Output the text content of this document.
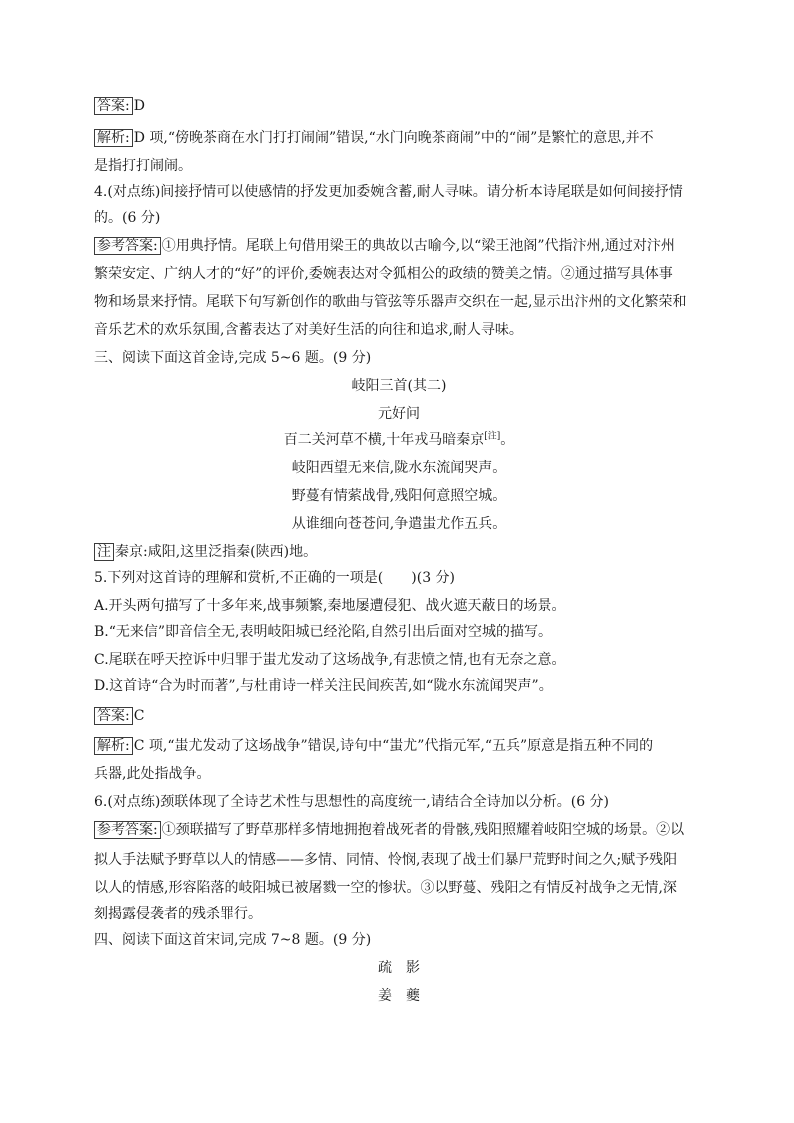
答案: D
解析: D 项,“傍晚茶商在水门打打闹闹”错误,“水门向晚茶商闹”中的“闹”是繁忙的意思,并不
是指打打闹闹。
4.(对点练)间接抒情可以使感情的抒发更加委婉含蓄,耐人寻味。请分析本诗尾联是如何间接抒情
的。(6 分)
参考答案: ①用典抒情。尾联上句借用梁王的典故以古喻今,以“梁王池阁”代指汴州,通过对汴州
繁荣安定、广纳人才的“好”的评价,委婉表达对令狐相公的政绩的赞美之情。②通过描写具体事
物和场景来抒情。尾联下句写新创作的歌曲与管弦等乐器声交织在一起,显示出汴州的文化繁荣和
音乐艺术的欢乐氛围,含蓄表达了对美好生活的向往和追求,耐人寻味。
三、阅读下面这首金诗,完成 5~6 题。(9 分)
岐阳三首(其二)
元好问
百二关河草不横,十年戎马暗秦京[注]。
岐阳西望无来信,陇水东流闻哭声。
野蔓有情萦战骨,残阳何意照空城。
从谁细向苍苍问,争遣蚩尤作五兵。
注 秦京:咸阳,这里泛指秦(陕西)地。
5.下列对这首诗的理解和赏析,不正确的一项是(　　)(3 分)
A.开头两句描写了十多年来,战事频繁,秦地屡遭侵犯、战火遮天蔽日的场景。
B.“无来信”即音信全无,表明岐阳城已经沦陷,自然引出后面对空城的描写。
C.尾联在呼天控诉中归罪于蚩尤发动了这场战争,有悲愤之情,也有无奈之意。
D.这首诗“合为时而著”,与杜甫诗一样关注民间疾苦,如“陇水东流闻哭声”。
答案: C
解析: C 项,“蚩尤发动了这场战争”错误,诗句中“蚩尤”代指元军,“五兵”原意是指五种不同的
兵器,此处指战争。
6.(对点练)颈联体现了全诗艺术性与思想性的高度统一,请结合全诗加以分析。(6 分)
参考答案: ①颈联描写了野草那样多情地拥抱着战死者的骨骸,残阳照耀着岐阳空城的场景。②以
拟人手法赋予野草以人的情感——多情、同情、怜悯,表现了战士们暴尸荒野时间之久;赋予残阳
以人的情感,形容陷落的岐阳城已被屠戮一空的惨状。③以野蔓、残阳之有情反衬战争之无情,深
刻揭露侵袭者的残杀罪行。
四、阅读下面这首宋词,完成 7~8 题。(9 分)
疏　影
姜　夔
